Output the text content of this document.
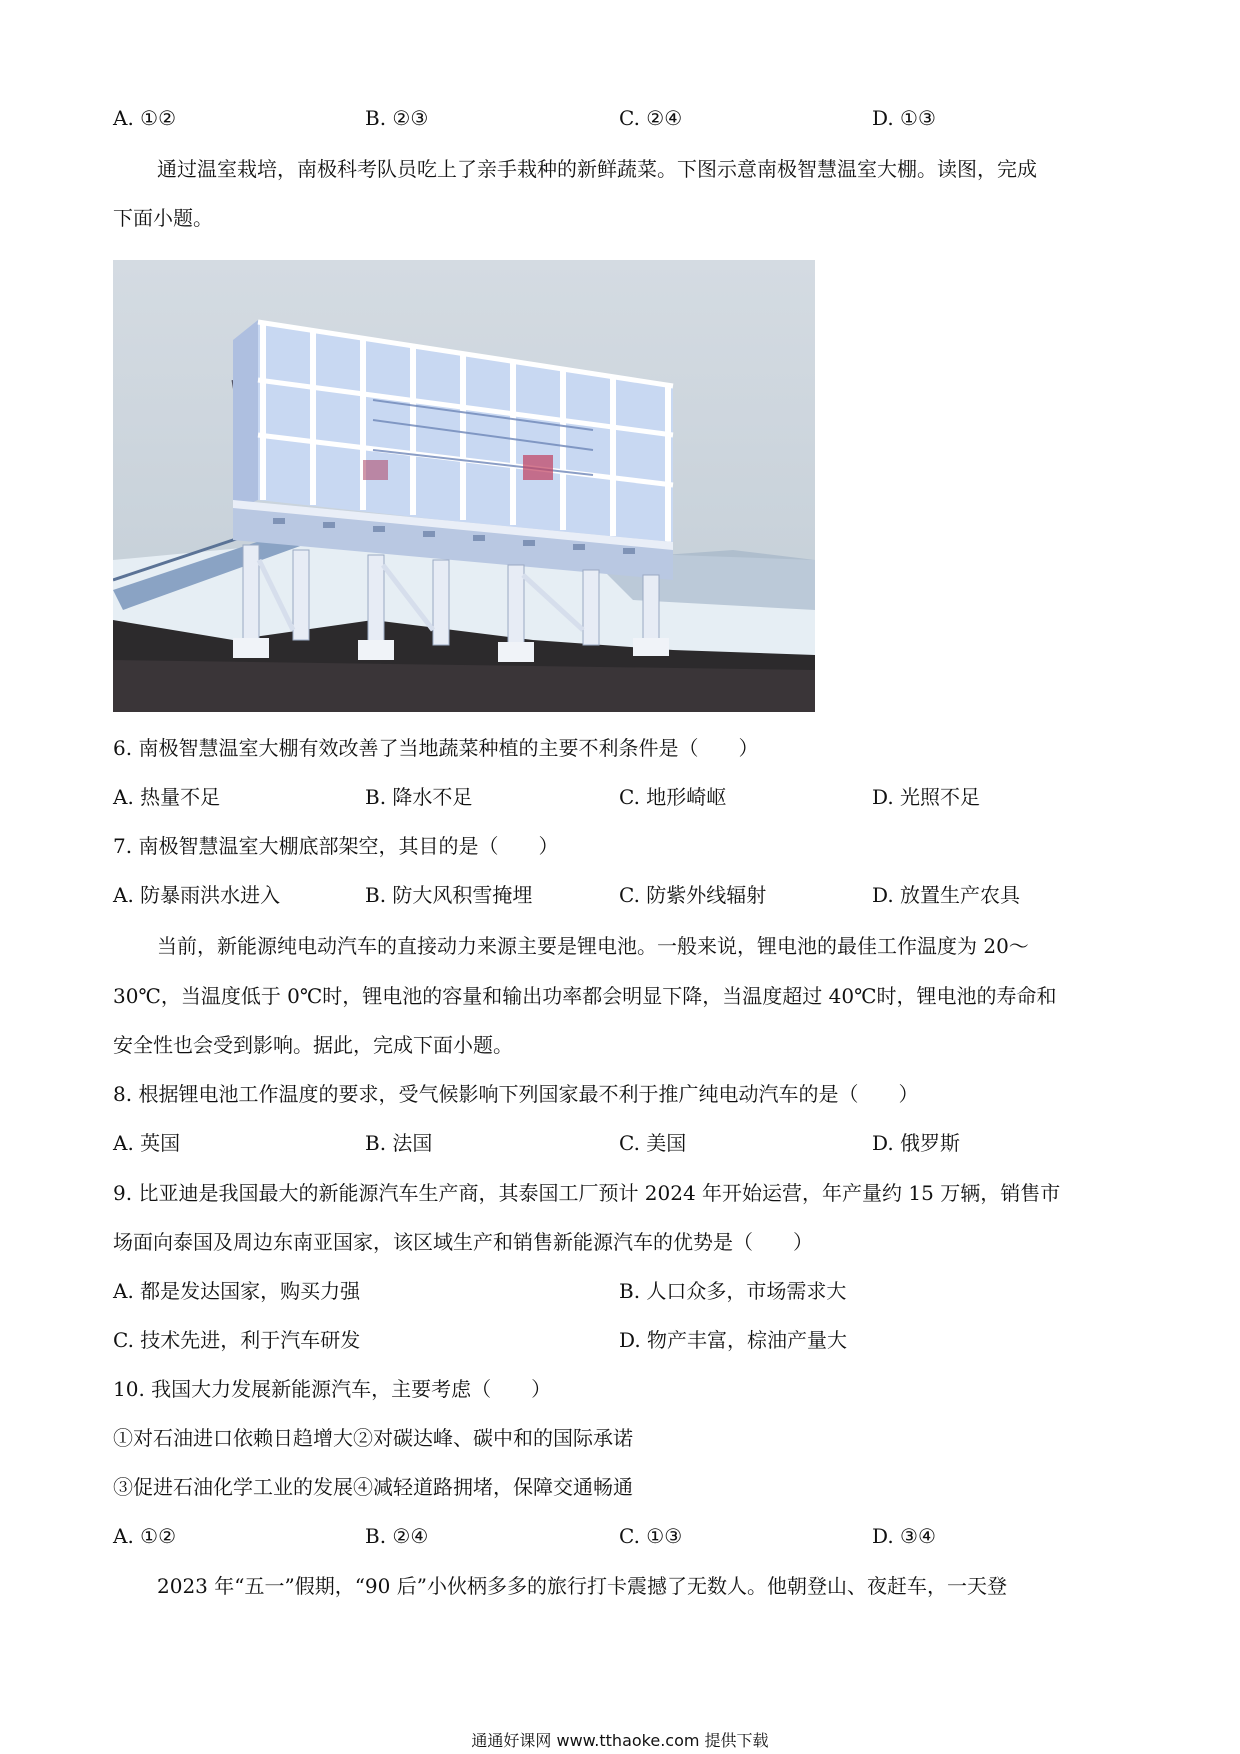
A. ①②	B. ②③	C. ②④	D. ①③
通过温室栽培，南极科考队员吃上了亲手栽种的新鲜蔬菜。下图示意南极智慧温室大棚。读图，完成
下面小题。
6. 南极智慧温室大棚有效改善了当地蔬菜种植的主要不利条件是（　　）
A. 热量不足	B. 降水不足	C. 地形崎岖	D. 光照不足
7. 南极智慧温室大棚底部架空，其目的是（　　）
A. 防暴雨洪水进入	B. 防大风积雪掩埋	C. 防紫外线辐射	D. 放置生产农具
当前，新能源纯电动汽车的直接动力来源主要是锂电池。一般来说，锂电池的最佳工作温度为 20～
30℃，当温度低于 0℃时，锂电池的容量和输出功率都会明显下降，当温度超过 40℃时，锂电池的寿命和
安全性也会受到影响。据此，完成下面小题。
8. 根据锂电池工作温度的要求，受气候影响下列国家最不利于推广纯电动汽车的是（　　）
A. 英国	B. 法国	C. 美国	D. 俄罗斯
9. 比亚迪是我国最大的新能源汽车生产商，其泰国工厂预计 2024 年开始运营，年产量约 15 万辆，销售市
场面向泰国及周边东南亚国家，该区域生产和销售新能源汽车的优势是（　　）
A. 都是发达国家，购买力强	B. 人口众多，市场需求大
C. 技术先进，利于汽车研发	D. 物产丰富，棕油产量大
10. 我国大力发展新能源汽车，主要考虑（　　）
①对石油进口依赖日趋增大②对碳达峰、碳中和的国际承诺
③促进石油化学工业的发展④减轻道路拥堵，保障交通畅通
A. ①②	B. ②④	C. ①③	D. ③④
2023 年“五一”假期，“90 后”小伙柄多多的旅行打卡震撼了无数人。他朝登山、夜赶车，一天登
通通好课网 www.tthaoke.com 提供下载
